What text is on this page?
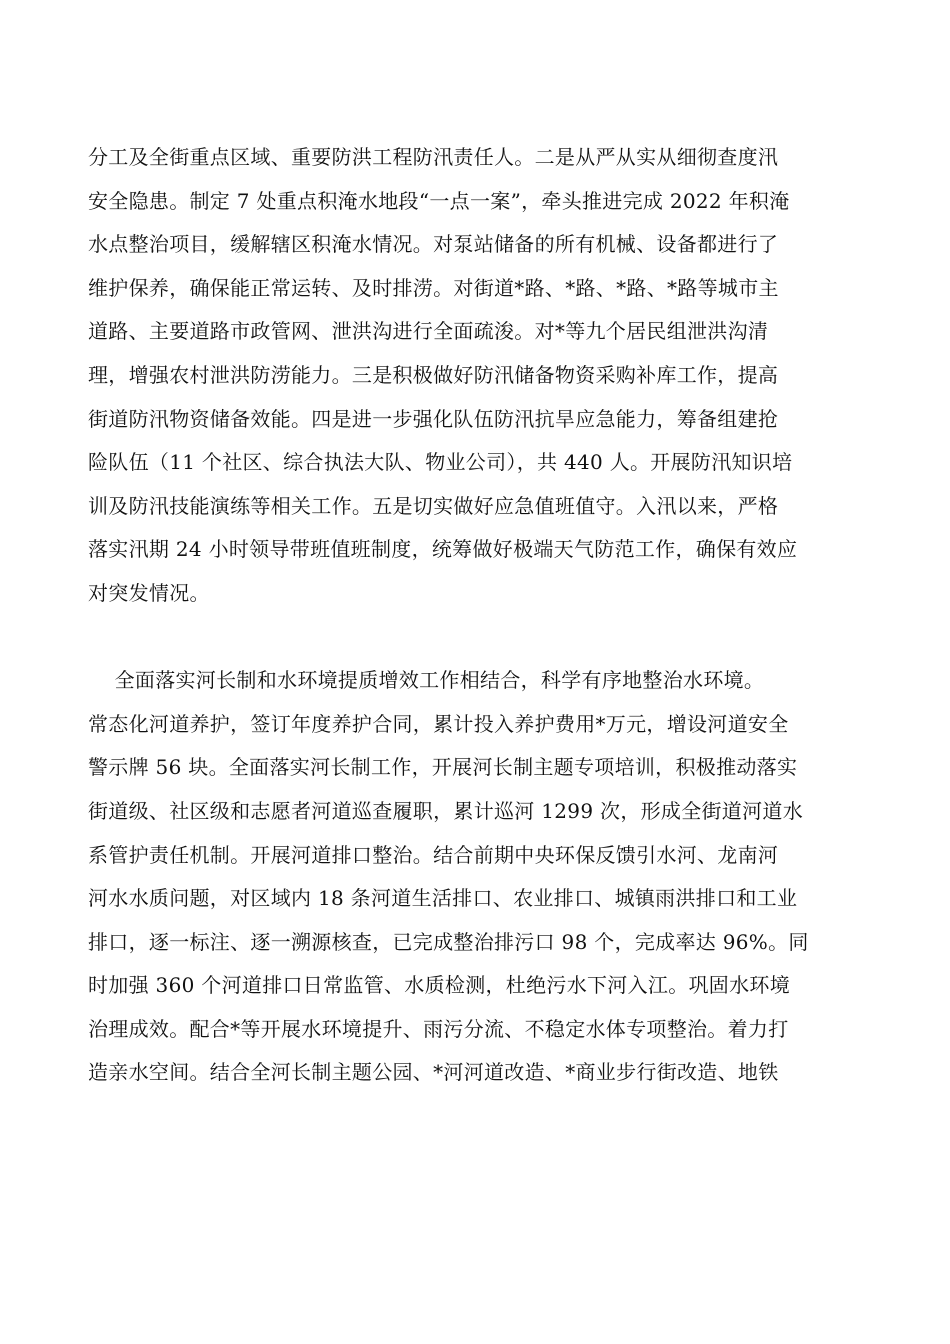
分工及全街重点区域、重要防洪工程防汛责任人。二是从严从实从细彻查度汛
安全隐患。制定 7 处重点积淹水地段“一点一案”，牵头推进完成 2022 年积淹
水点整治项目，缓解辖区积淹水情况。对泵站储备的所有机械、设备都进行了
维护保养，确保能正常运转、及时排涝。对街道*路、*路、*路、*路等城市主
道路、主要道路市政管网、泄洪沟进行全面疏浚。对*等九个居民组泄洪沟清
理，增强农村泄洪防涝能力。三是积极做好防汛储备物资采购补库工作，提高
街道防汛物资储备效能。四是进一步强化队伍防汛抗旱应急能力，筹备组建抢
险队伍（11 个社区、综合执法大队、物业公司），共 440 人。开展防汛知识培
训及防汛技能演练等相关工作。五是切实做好应急值班值守。入汛以来，严格
落实汛期 24 小时领导带班值班制度，统筹做好极端天气防范工作，确保有效应
对突发情况。
全面落实河长制和水环境提质增效工作相结合，科学有序地整治水环境。
常态化河道养护，签订年度养护合同，累计投入养护费用*万元，增设河道安全
警示牌 56 块。全面落实河长制工作，开展河长制主题专项培训，积极推动落实
街道级、社区级和志愿者河道巡查履职，累计巡河 1299 次，形成全街道河道水
系管护责任机制。开展河道排口整治。结合前期中央环保反馈引水河、龙南河
河水水质问题，对区域内 18 条河道生活排口、农业排口、城镇雨洪排口和工业
排口，逐一标注、逐一溯源核查，已完成整治排污口 98 个，完成率达 96%。同
时加强 360 个河道排口日常监管、水质检测，杜绝污水下河入江。巩固水环境
治理成效。配合*等开展水环境提升、雨污分流、不稳定水体专项整治。着力打
造亲水空间。结合全河长制主题公园、*河河道改造、*商业步行街改造、地铁
